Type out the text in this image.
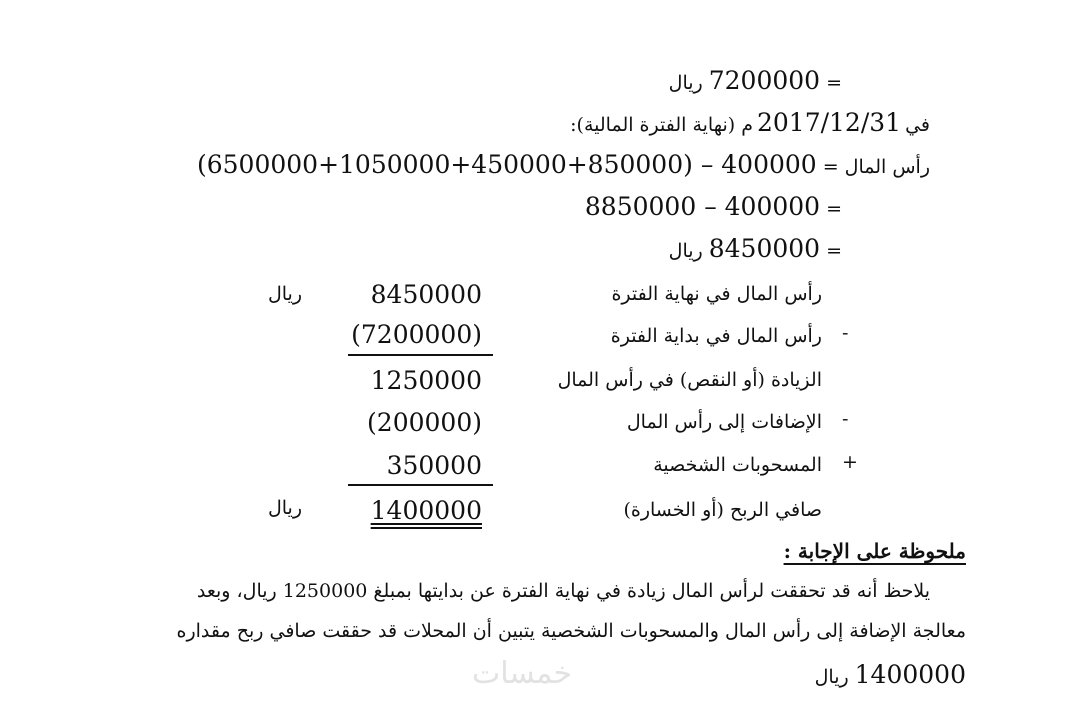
=
7200000
ريال
في
2017/12/31
م (نهاية الفترة المالية):
رأس المال =
(6500000+1050000+450000+850000) – 400000
=
8850000 – 400000
=
8450000
ريال
رأس المال في نهاية الفترة
8450000
ريال
-
رأس المال في بداية الفترة
(7200000)
الزيادة (أو النقص) في رأس المال
1250000
-
الإضافات إلى رأس المال
(200000)
+
المسحوبات الشخصية
350000
صافي الربح (أو الخسارة)
1400000
ريال
ملحوظة على الإجابة :
يلاحظ أنه قد تحققت لرأس المال زيادة في نهاية الفترة عن بدايتها بمبلغ 1250000 ريال، وبعد
معالجة الإضافة إلى رأس المال والمسحوبات الشخصية يتبين أن المحلات قد حققت صافي ربح مقداره
1400000
ريال
خمسات
